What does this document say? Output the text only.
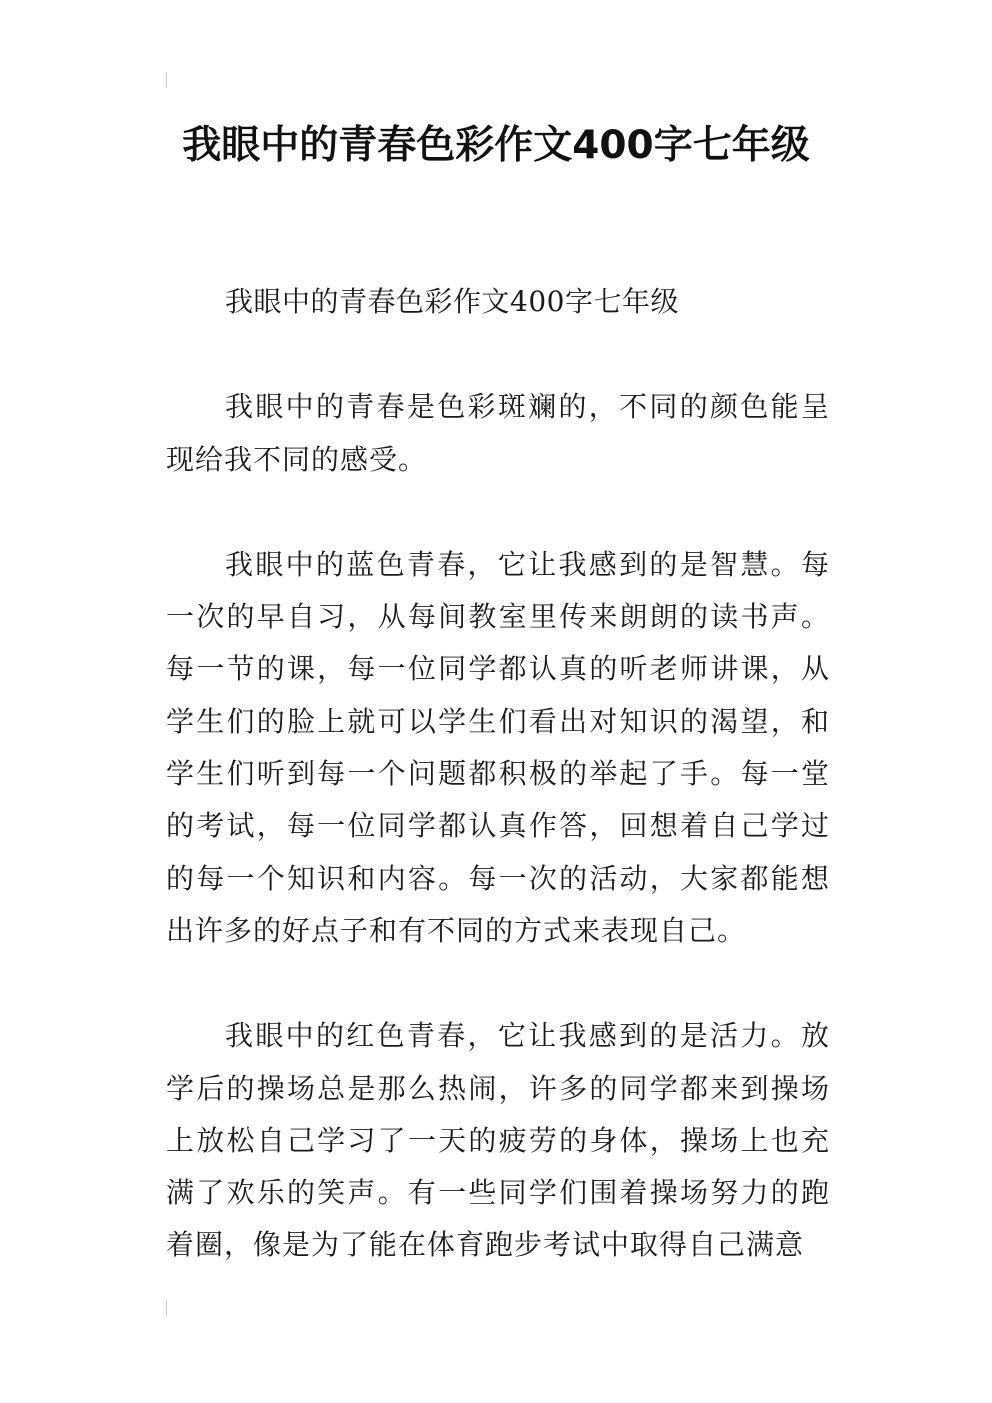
我眼中的青春色彩作文400字七年级

我眼中的青春色彩作文400字七年级

我眼中的青春是色彩斑斓的，不同的颜色能呈现给我不同的感受。

我眼中的蓝色青春，它让我感到的是智慧。每一次的早自习，从每间教室里传来朗朗的读书声。每一节的课，每一位同学都认真的听老师讲课，从学生们的脸上就可以学生们看出对知识的渴望，和学生们听到每一个问题都积极的举起了手。每一堂的考试，每一位同学都认真作答，回想着自己学过的每一个知识和内容。每一次的活动，大家都能想出许多的好点子和有不同的方式来表现自己。

我眼中的红色青春，它让我感到的是活力。放学后的操场总是那么热闹，许多的同学都来到操场上放松自己学习了一天的疲劳的身体，操场上也充满了欢乐的笑声。有一些同学们围着操场努力的跑着圈，像是为了能在体育跑步考试中取得自己满意
